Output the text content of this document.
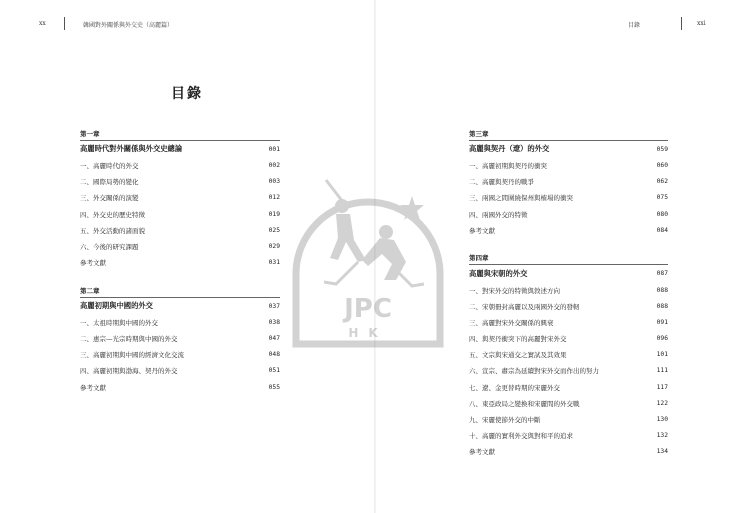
xx	韓國對外關係與外交史（高麗篇）	目錄	xxi
目錄
第一章
高麗時代對外關係與外交史總論	001
一、高麗時代的外交	002
二、國際局勢的變化	003
三、外交關係的演變	012
四、外交史的歷史特徵	019
五、外交活動的諸面貌	025
六、今後的研究課題	029
參考文獻	031
第二章
高麗初期與中國的外交	037
一、太祖時期與中國的外交	038
二、惠宗—光宗時期與中國的外交	047
三、高麗初期與中國的經濟文化交流	048
四、高麗初期與渤海、契丹的外交	051
參考文獻	055
第三章
高麗與契丹（遼）的外交	059
一、高麗初期與契丹的衝突	060
二、高麗與契丹的戰爭	062
三、兩國之間圍繞保州與榷場的衝突	075
四、兩國外交的特徵	080
參考文獻	084
第四章
高麗與宋朝的外交	087
一、對宋外交的特徵與敘述方向	088
二、宋朝冊封高麗以及兩國外交的發軔	088
三、高麗對宋外交關係的興衰	091
四、與契丹衝突下的高麗對宋外交	096
五、文宗與宋通交之實試及其效果	101
六、宣宗、肅宗為延續對宋外交而作出的努力	111
七、遼、金更替時期的宋麗外交	117
八、東亞政局之變換和宋麗間的外交戰	122
九、宋麗使節外交的中斷	130
十、高麗的實利外交與對和平的追求	132
參考文獻	134
JPC
HK
